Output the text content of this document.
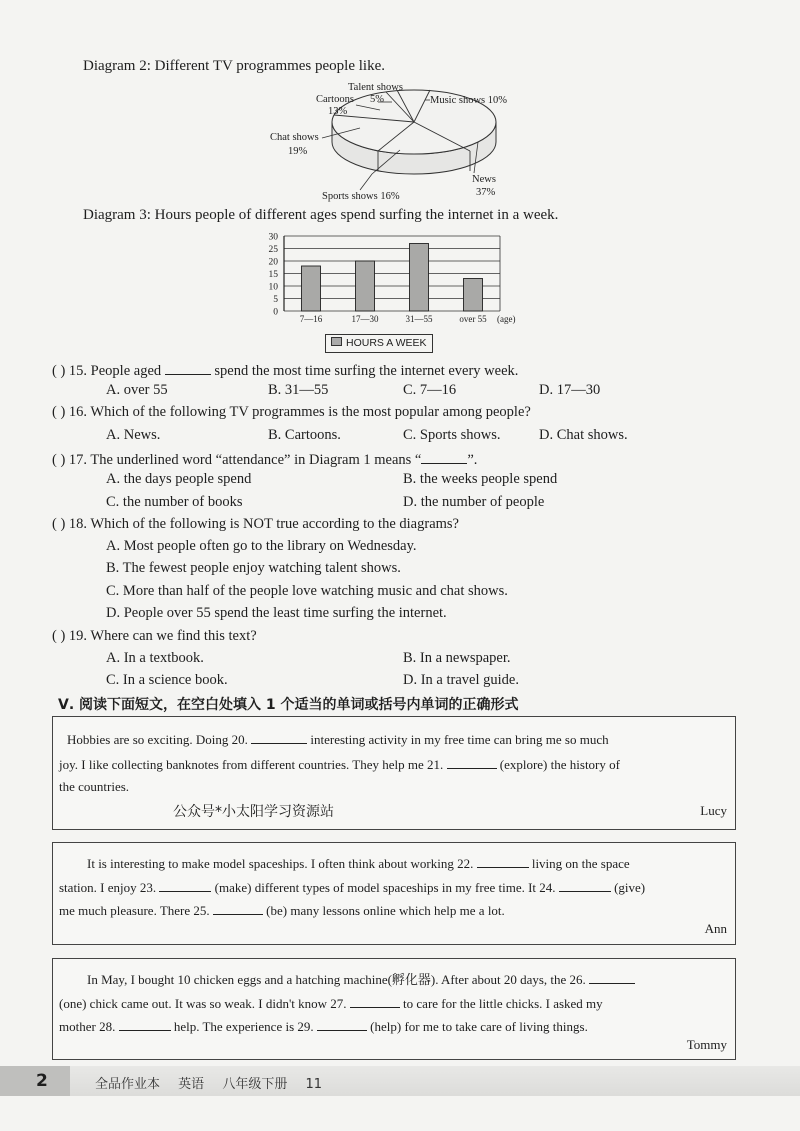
Diagram 2: Different TV programmes people like.
Talent shows
5%
Cartoons
13%
Music shows 10%
Chat shows
19%
News
37%
Sports shows 16%
Diagram 3: Hours people of different ages spend surfing the internet in a week.
0
5
10
15
20
25
30
7—16	17—30	31—55	over 55 (age)
HOURS A WEEK
( ) 15. People aged	spend the most time surfing the internet every week.
A. over 55	B. 31—55	C. 7—16	D. 17—30
( ) 16. Which of the following TV programmes is the most popular among people?
A. News.	B. Cartoons.	C. Sports shows.	D. Chat shows.
( ) 17. The underlined word “attendance” in Diagram 1 means “	”.
A. the days people spend	B. the weeks people spend
C. the number of books	D. the number of people
( ) 18. Which of the following is NOT true according to the diagrams?
A. Most people often go to the library on Wednesday.
B. The fewest people enjoy watching talent shows.
C. More than half of the people love watching music and chat shows.
D. People over 55 spend the least time surfing the internet.
( ) 19. Where can we find this text?
A. In a textbook.	B. In a newspaper.
C. In a science book.	D. In a travel guide.
Ⅴ. 阅读下面短文，在空白处填入 1 个适当的单词或括号内单词的正确形式
Hobbies are so exciting. Doing 20.	interesting activity in my free time can bring me so much
joy. I like collecting banknotes from different countries. They help me 21.	(explore) the history of
the countries.
公众号*小太阳学习资源站	Lucy
It is interesting to make model spaceships. I often think about working 22.	living on the space
station. I enjoy 23.	(make) different types of model spaceships in my free time. It 24.	(give)
me much pleasure. There 25.	(be) many lessons online which help me a lot.
Ann
In May, I bought 10 chicken eggs and a hatching machine(孵化器). After about 20 days, the 26.
(one) chick came out. It was so weak. I didn't know 27.	to care for the little chicks. I asked my
mother 28.	help. The experience is 29.	(help) for me to take care of living things.
Tommy
2	全品作业本 英语 八年级下册 11
